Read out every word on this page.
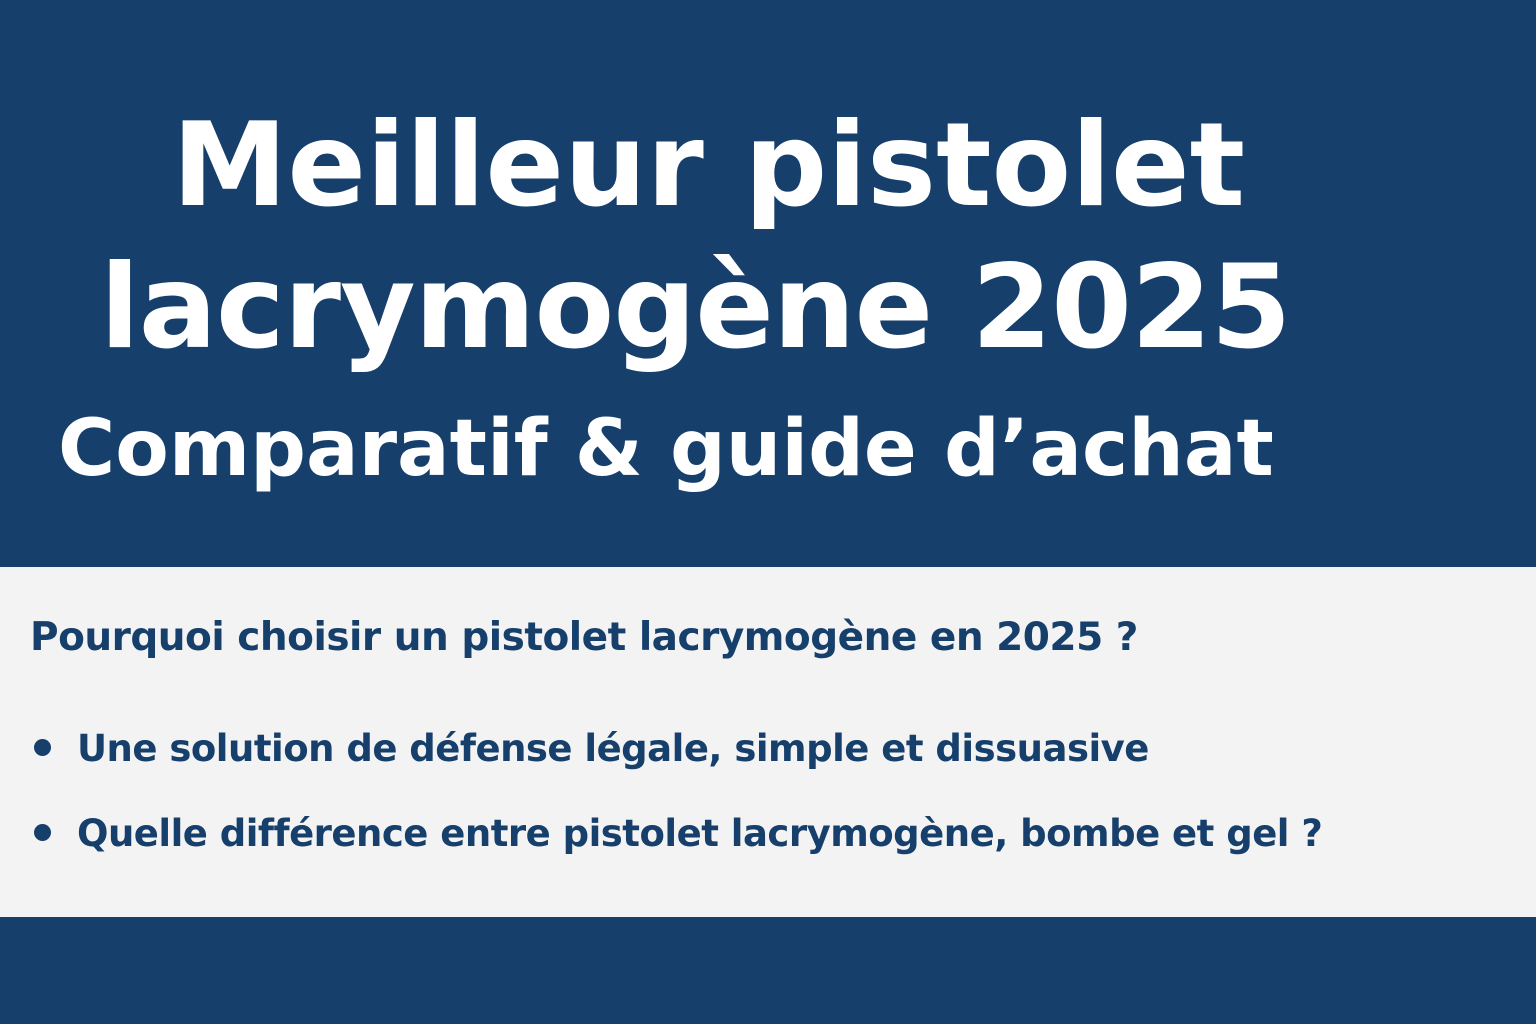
Meilleur pistolet
lacrymogène 2025
Comparatif & guide d’achat
Pourquoi choisir un pistolet lacrymogène en 2025 ?
Une solution de défense légale, simple et dissuasive
Quelle différence entre pistolet lacrymogène, bombe et gel ?
